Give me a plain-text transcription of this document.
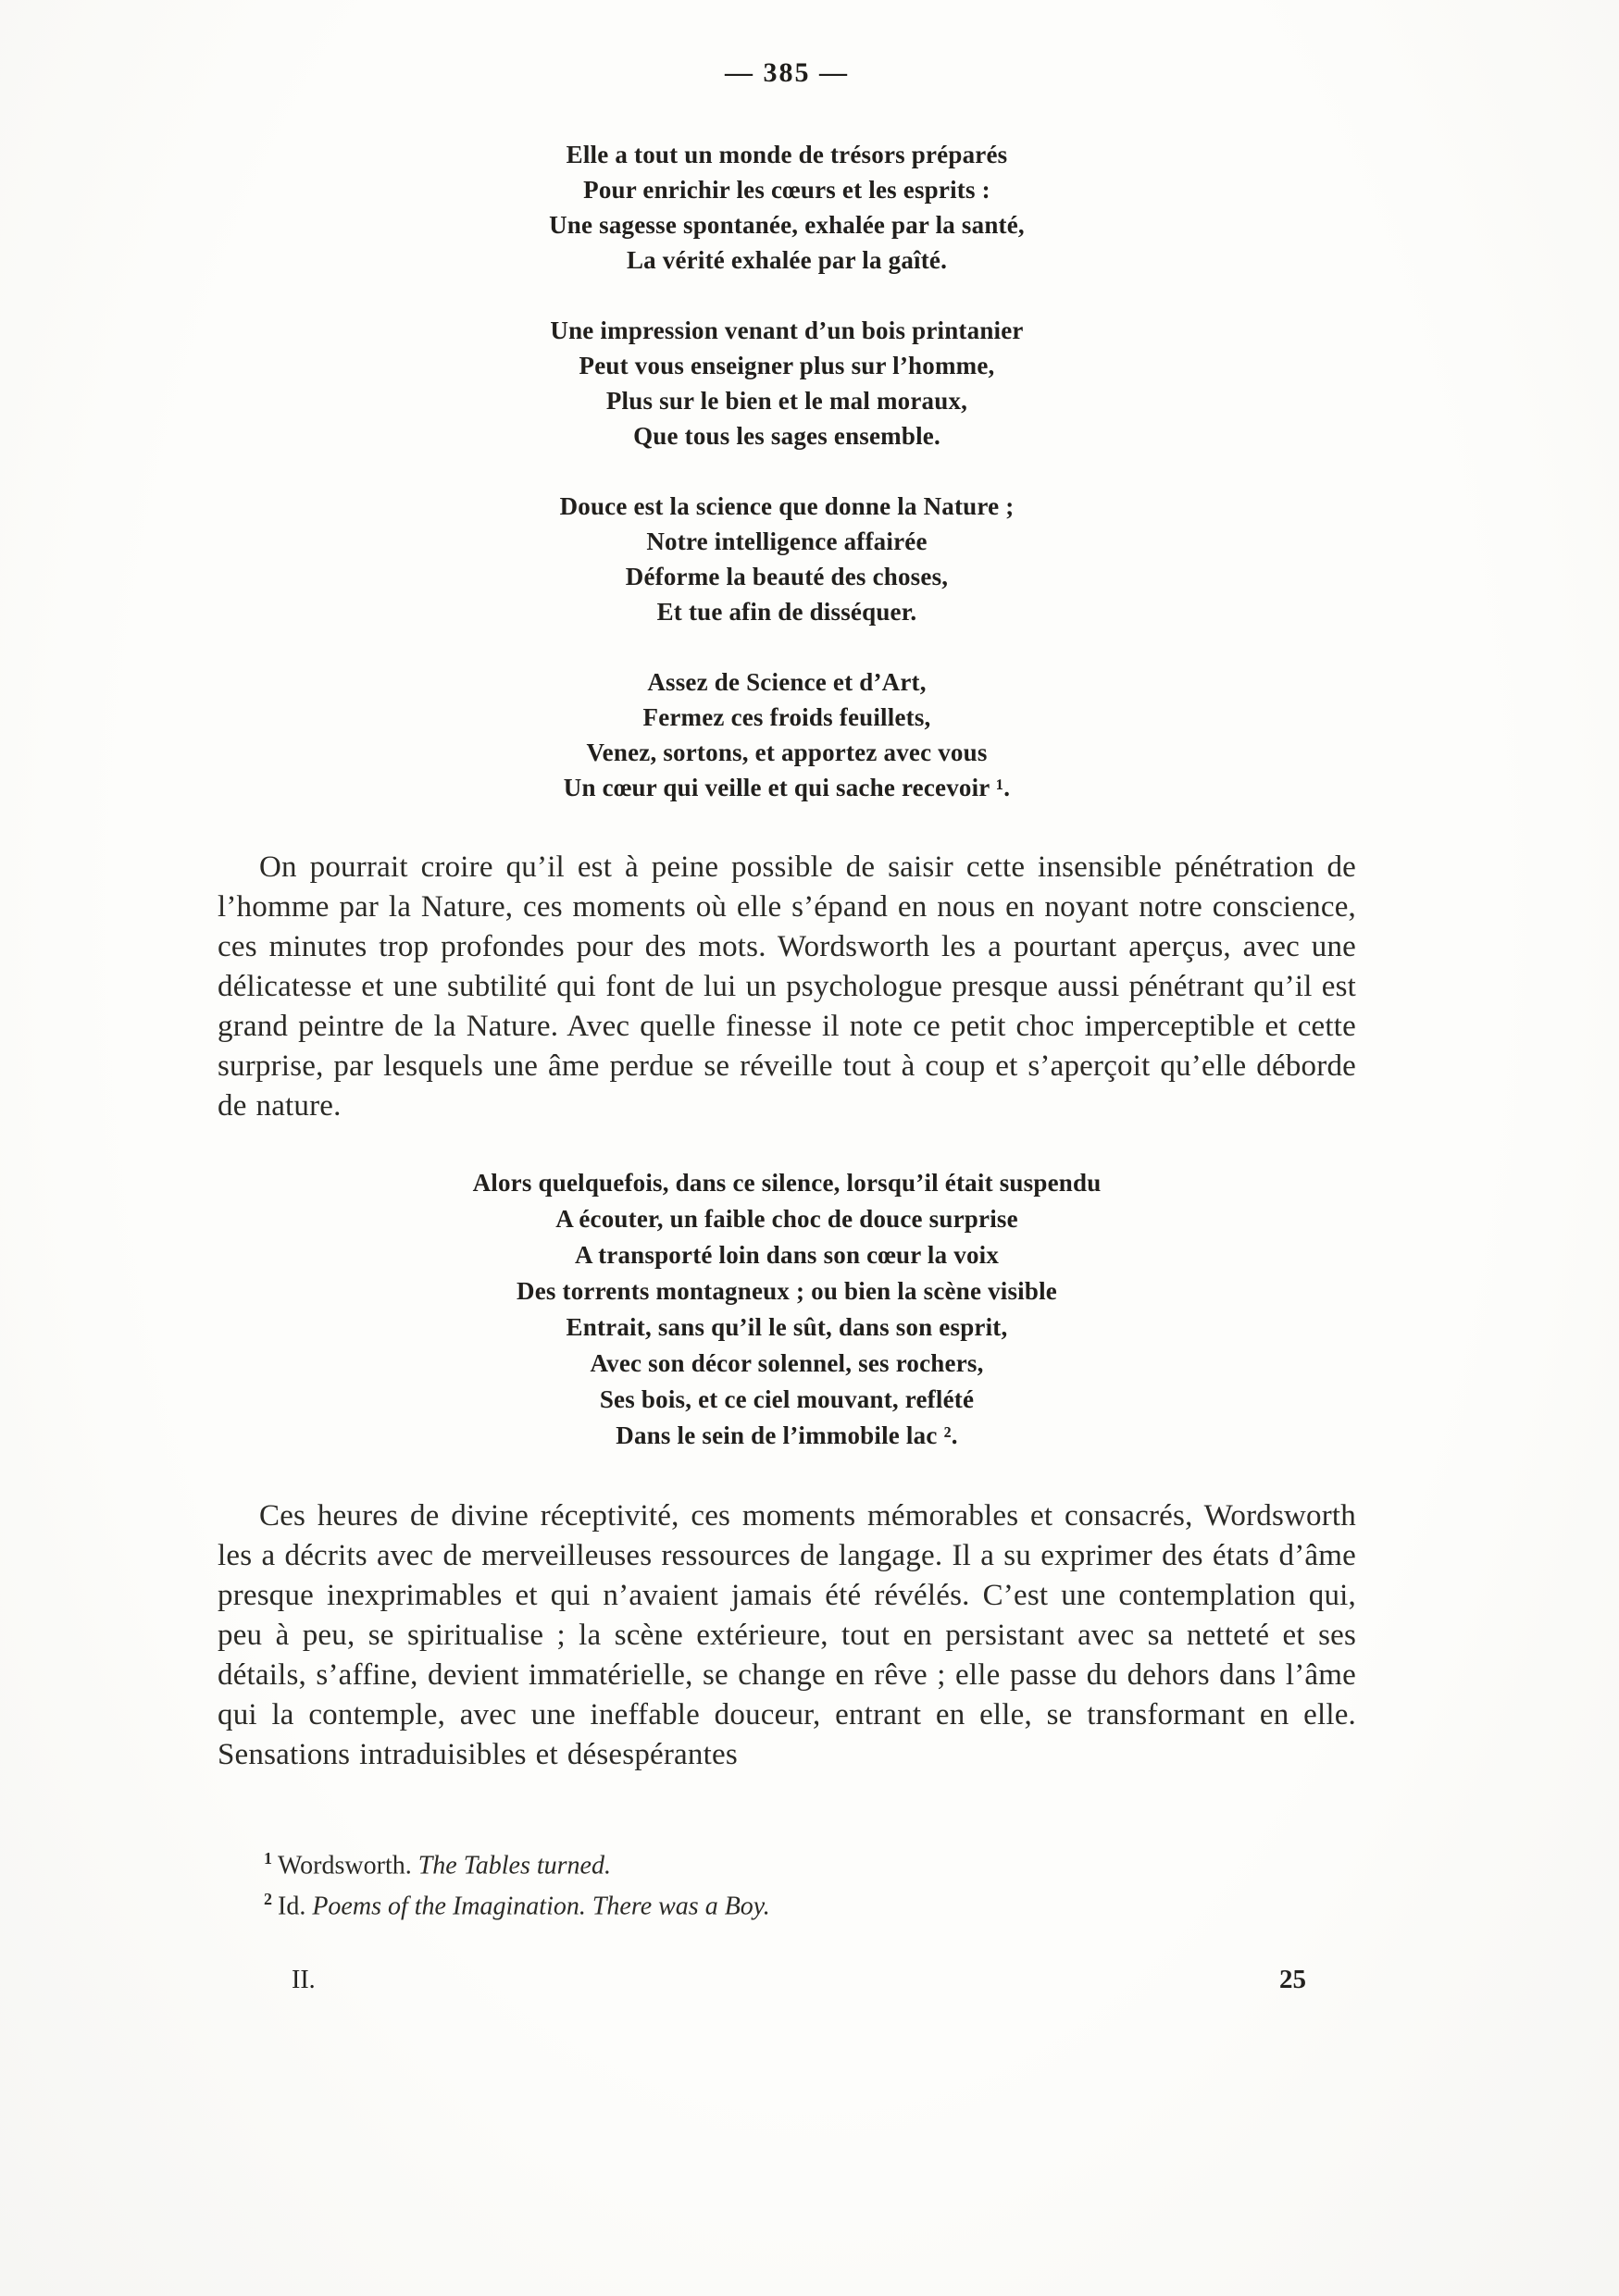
— 385 —
Elle a tout un monde de trésors préparés
Pour enrichir les cœurs et les esprits :
Une sagesse spontanée, exhalée par la santé,
La vérité exhalée par la gaîté.
Une impression venant d’un bois printanier
Peut vous enseigner plus sur l’homme,
Plus sur le bien et le mal moraux,
Que tous les sages ensemble.
Douce est la science que donne la Nature ;
Notre intelligence affairée
Déforme la beauté des choses,
Et tue afin de disséquer.
Assez de Science et d’Art,
Fermez ces froids feuillets,
Venez, sortons, et apportez avec vous
Un cœur qui veille et qui sache recevoir ¹.

On pourrait croire qu’il est à peine possible de saisir cette insensible pénétration de l’homme par la Nature, ces moments où elle s’épand en nous en noyant notre conscience, ces minutes trop profondes pour des mots. Wordsworth les a pourtant aperçus, avec une délicatesse et une subtilité qui font de lui un psychologue presque aussi pénétrant qu’il est grand peintre de la Nature. Avec quelle finesse il note ce petit choc imperceptible et cette surprise, par lesquels une âme perdue se réveille tout à coup et s’aperçoit qu’elle déborde de nature.

Alors quelquefois, dans ce silence, lorsqu’il était suspendu
A écouter, un faible choc de douce surprise
A transporté loin dans son cœur la voix
Des torrents montagneux ; ou bien la scène visible
Entrait, sans qu’il le sût, dans son esprit,
Avec son décor solennel, ses rochers,
Ses bois, et ce ciel mouvant, reflété
Dans le sein de l’immobile lac ².

Ces heures de divine réceptivité, ces moments mémorables et consacrés, Wordsworth les a décrits avec de merveilleuses ressources de langage. Il a su exprimer des états d’âme presque inexprimables et qui n’avaient jamais été révélés. C’est une contemplation qui, peu à peu, se spiritualise ; la scène extérieure, tout en persistant avec sa netteté et ses détails, s’affine, devient immatérielle, se change en rêve ; elle passe du dehors dans l’âme qui la contemple, avec une ineffable douceur, entrant en elle, se transformant en elle. Sensations intraduisibles et désespérantes

$^1$ Wordsworth. The Tables turned.
$^2$ Id. Poems of the Imagination. There was a Boy.
II.	25
